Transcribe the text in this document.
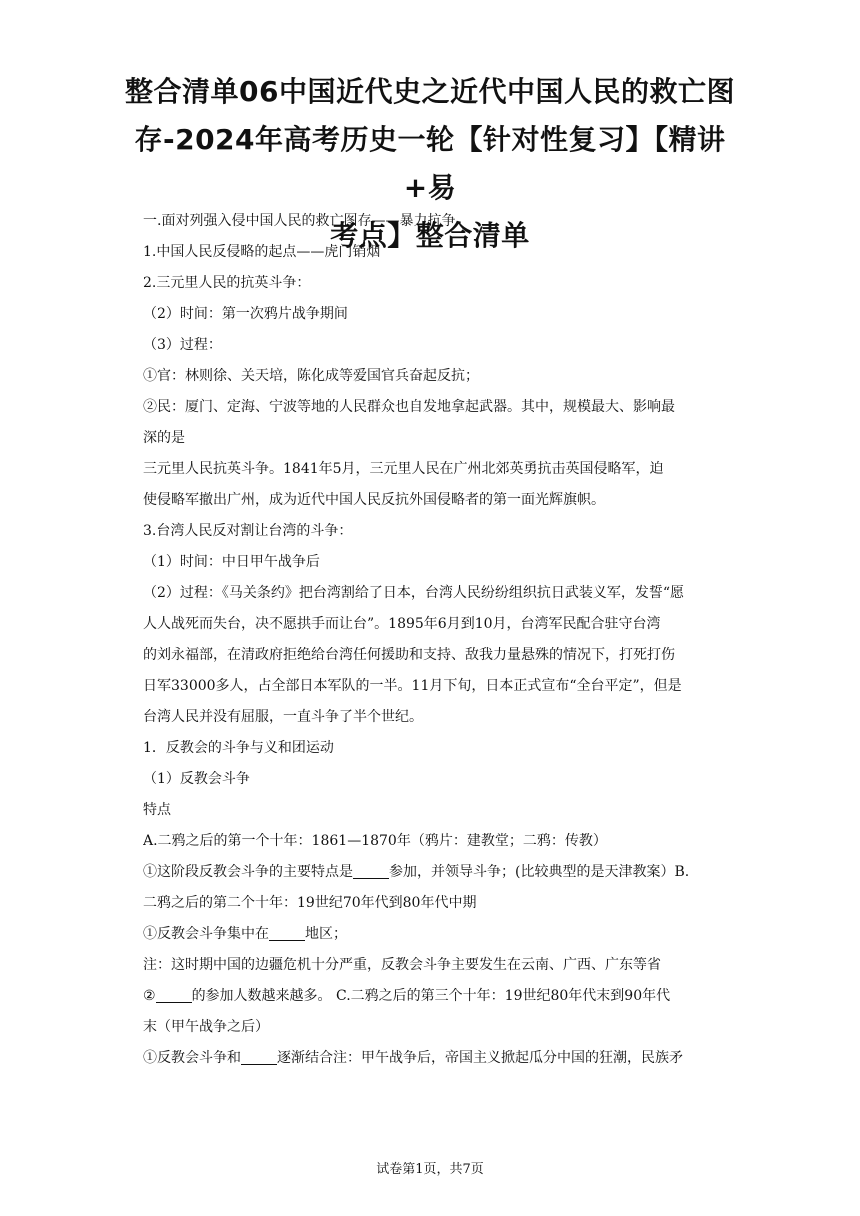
整合清单06中国近代史之近代中国人民的救亡图
存-2024年高考历史一轮【针对性复习】【精讲+易
考点】整合清单
一.面对列强入侵中国人民的救亡图存——暴力抗争
1.中国人民反侵略的起点——虎门销烟
2.三元里人民的抗英斗争：
（2）时间：第一次鸦片战争期间
（3）过程：
①官：林则徐、关天培，陈化成等爱国官兵奋起反抗；
②民：厦门、定海、宁波等地的人民群众也自发地拿起武器。其中，规模最大、影响最
深的是
三元里人民抗英斗争。1841年5月，三元里人民在广州北郊英勇抗击英国侵略军，迫
使侵略军撤出广州，成为近代中国人民反抗外国侵略者的第一面光辉旗帜。
3.台湾人民反对割让台湾的斗争：
（1）时间：中日甲午战争后
（2）过程：《马关条约》把台湾割给了日本，台湾人民纷纷组织抗日武装义军，发誓“愿
人人战死而失台，决不愿拱手而让台”。1895年6月到10月，台湾军民配合驻守台湾
的刘永福部，在清政府拒绝给台湾任何援助和支持、敌我力量悬殊的情况下，打死打伤
日军33000多人，占全部日本军队的一半。11月下旬，日本正式宣布“全台平定”，但是
台湾人民并没有屈服，一直斗争了半个世纪。
1．反教会的斗争与义和团运动
（1）反教会斗争
特点
A.二鸦之后的第一个十年：1861—1870年（鸦片：建教堂；二鸦：传教）
①这阶段反教会斗争的主要特点是	参加，并领导斗争；(比较典型的是天津教案）B.
二鸦之后的第二个十年：19世纪70年代到80年代中期
①反教会斗争集中在	地区；
注：这时期中国的边疆危机十分严重，反教会斗争主要发生在云南、广西、广东等省
②	的参加人数越来越多。 C.二鸦之后的第三个十年：19世纪80年代末到90年代
末（甲午战争之后）
①反教会斗争和	逐渐结合注：甲午战争后，帝国主义掀起瓜分中国的狂潮，民族矛
试卷第1页，共7页
